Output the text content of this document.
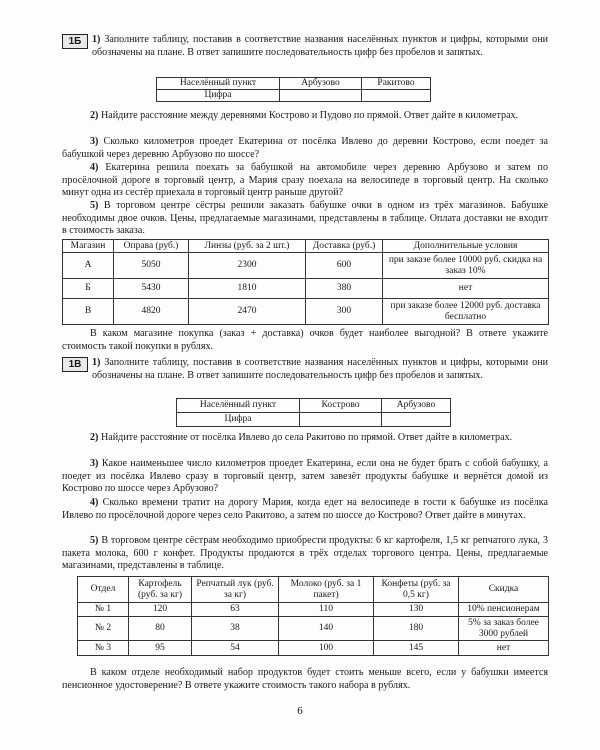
1Б	1) Заполните таблицу, поставив в соответствие названия населённых пунктов и цифры, которыми они обозначены на плане. В ответ запишите последовательность цифр без пробелов и запятых.
Населённый пункт	Арбузово	Ракитово
Цифра		
2) Найдите расстояние между деревнями Кострово и Пудово по прямой. Ответ дайте в километрах.
3) Сколько километров проедет Екатерина от посёлка Ивлево до деревни Кострово, если поедет за бабушкой через деревню Арбузово по шоссе?
4) Екатерина решила поехать за бабушкой на автомобиле через деревню Арбузово и затем по просёлочной дороге в торговый центр, а Мария сразу поехала на велосипеде в торговый центр. На сколько минут одна из сестёр приехала в торговый центр раньше другой?
5) В торговом центре сёстры решили заказать бабушке очки в одном из трёх магазинов. Бабушке необходимы двое очков. Цены, предлагаемые магазинами, представлены в таблице. Оплата доставки не входит в стоимость заказа.
Магазин	Оправа (руб.)	Линзы (руб. за 2 шт.)	Доставка (руб.)	Дополнительные условия
А	5050	2300	600	при заказе более 10000 руб. скидка на заказ 10%
Б	5430	1810	380	нет
В	4820	2470	300	при заказе более 12000 руб. доставка бесплатно
В каком магазине покупка (заказ + доставка) очков будет наиболее выгодной? В ответе укажите стоимость такой покупки в рублях.
1В	1) Заполните таблицу, поставив в соответствие названия населённых пунктов и цифры, которыми они обозначены на плане. В ответ запишите последовательность цифр без пробелов и запятых.
Населённый пункт	Кострово	Арбузово
Цифра		
2) Найдите расстояние от посёлка Ивлево до села Ракитово по прямой. Ответ дайте в километрах.
3) Какое наименьшее число километров проедет Екатерина, если она не будет брать с собой бабушку, а поедет из посёлка Ивлево сразу в торговый центр, затем завезёт продукты бабушке и вернётся домой из Кострово по шоссе через Арбузово?
4) Сколько времени тратит на дорогу Мария, когда едет на велосипеде в гости к бабушке из посёлка Ивлево по просёлочной дороге через село Ракитово, а затем по шоссе до Кострово? Ответ дайте в минутах.
5) В торговом центре сёстрам необходимо приобрести продукты: 6 кг картофеля, 1,5 кг репчатого лука, 3 пакета молока, 600 г конфет. Продукты продаются в трёх отделах торгового центра. Цены, предлагаемые магазинами, представлены в таблице.
Отдел	Картофель (руб. за кг)	Репчатый лук (руб. за кг)	Молоко (руб. за 1 пакет)	Конфеты (руб. за 0,5 кг)	Скидка
№ 1	120	63	110	130	10% пенсионерам
№ 2	80	38	140	180	5% за заказ более 3000 рублей
№ 3	95	54	100	145	нет
В каком отделе необходимый набор продуктов будет стоить меньше всего, если у бабушки имеется пенсионное удостоверение? В ответе укажите стоимость такого набора в рублях.
6
